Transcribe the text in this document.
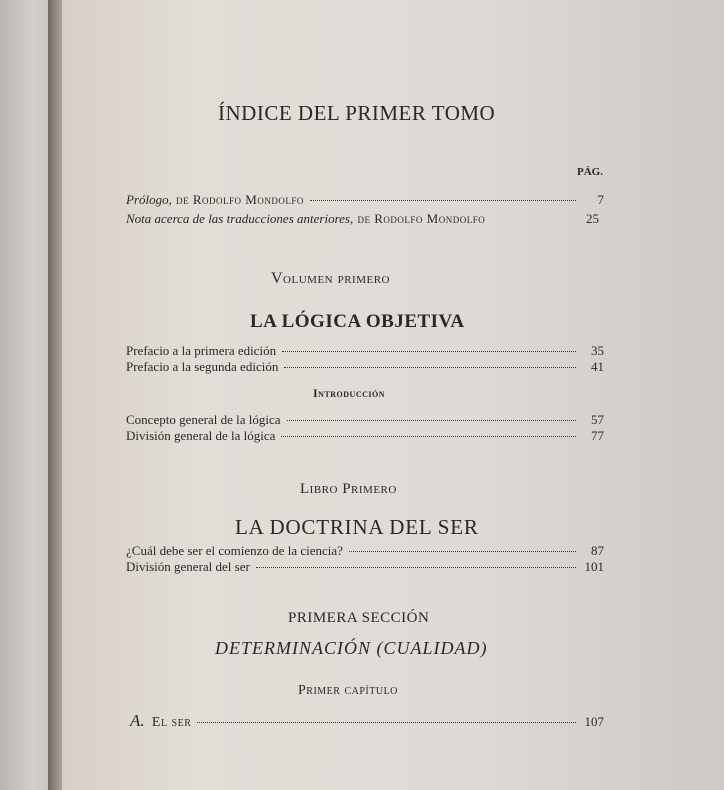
ÍNDICE DEL PRIMER TOMO
PÁG.
Prólogo, de Rodolfo Mondolfo	7
Nota acerca de las traducciones anteriores, de Rodolfo Mondolfo	25
Volumen primero
LA LÓGICA OBJETIVA
Prefacio a la primera edición	35
Prefacio a la segunda edición	41
Introducción
Concepto general de la lógica	57
División general de la lógica	77
Libro Primero
LA DOCTRINA DEL SER
¿Cuál debe ser el comienzo de la ciencia?	87
División general del ser	101
PRIMERA SECCIÓN
DETERMINACIÓN (CUALIDAD)
Primer capítulo
A. El ser	107
